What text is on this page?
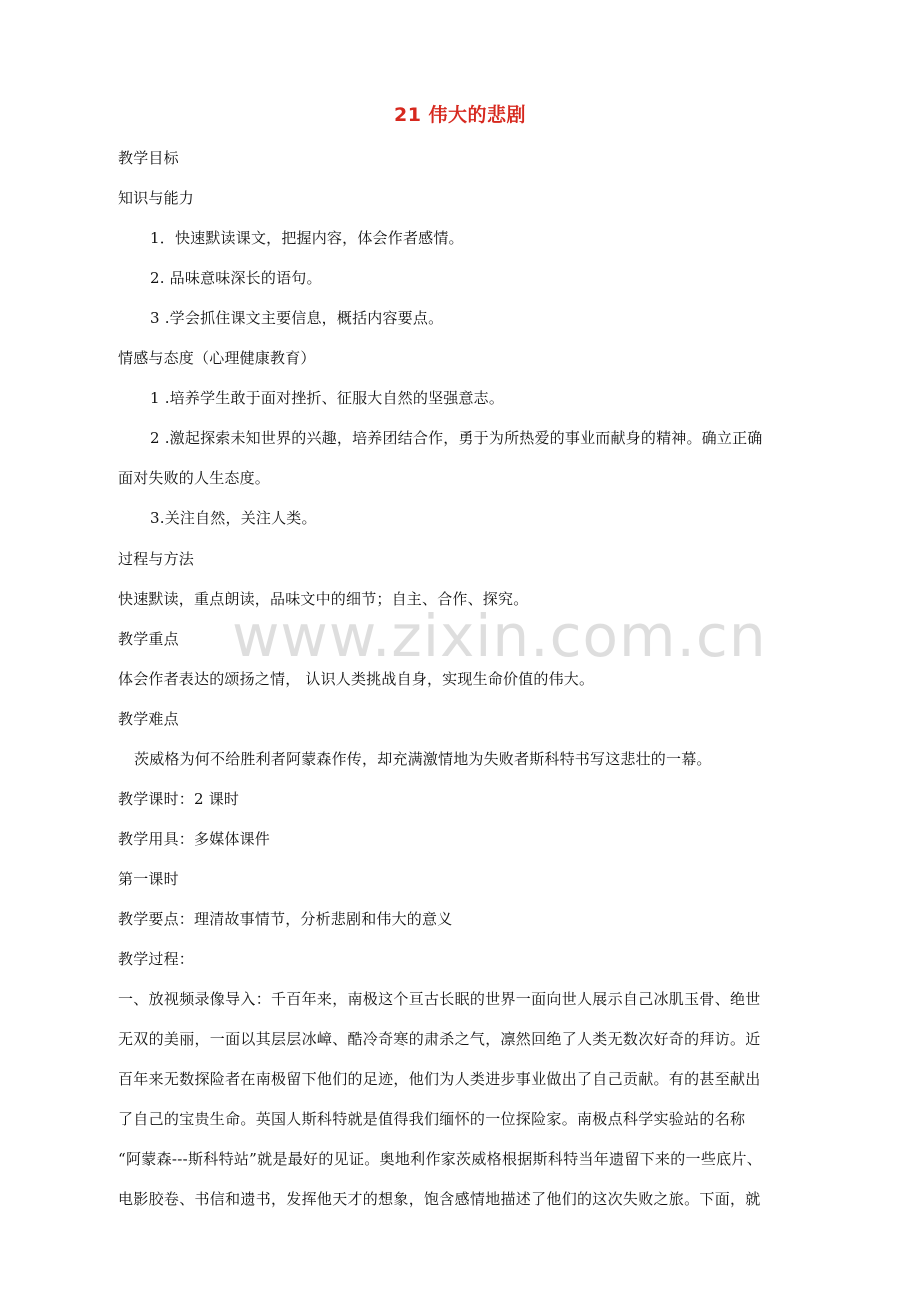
21 伟大的悲剧
教学目标
知识与能力
1．快速默读课文，把握内容，体会作者感情。
2. 品味意味深长的语句。
3 .学会抓住课文主要信息，概括内容要点。
情感与态度（心理健康教育）
1 .培养学生敢于面对挫折、征服大自然的坚强意志。
2 .激起探索未知世界的兴趣，培养团结合作，勇于为所热爱的事业而献身的精神。确立正确
面对失败的人生态度。
3.关注自然，关注人类。
过程与方法
快速默读，重点朗读，品味文中的细节；自主、合作、探究。
www.zixin.com.cn
教学重点
体会作者表达的颂扬之情， 认识人类挑战自身，实现生命价值的伟大。
教学难点
茨威格为何不给胜利者阿蒙森作传，却充满激情地为失败者斯科特书写这悲壮的一幕。
教学课时：2 课时
教学用具：多媒体课件
第一课时
教学要点：理清故事情节，分析悲剧和伟大的意义
教学过程：
一、放视频录像导入：千百年来，南极这个亘古长眠的世界一面向世人展示自己冰肌玉骨、绝世
无双的美丽，一面以其层层冰嶂、酷冷奇寒的肃杀之气，凛然回绝了人类无数次好奇的拜访。近
百年来无数探险者在南极留下他们的足迹，他们为人类进步事业做出了自己贡献。有的甚至献出
了自己的宝贵生命。英国人斯科特就是值得我们缅怀的一位探险家。南极点科学实验站的名称
“阿蒙森---斯科特站”就是最好的见证。奥地利作家茨威格根据斯科特当年遗留下来的一些底片、
电影胶卷、书信和遗书，发挥他天才的想象，饱含感情地描述了他们的这次失败之旅。下面，就
